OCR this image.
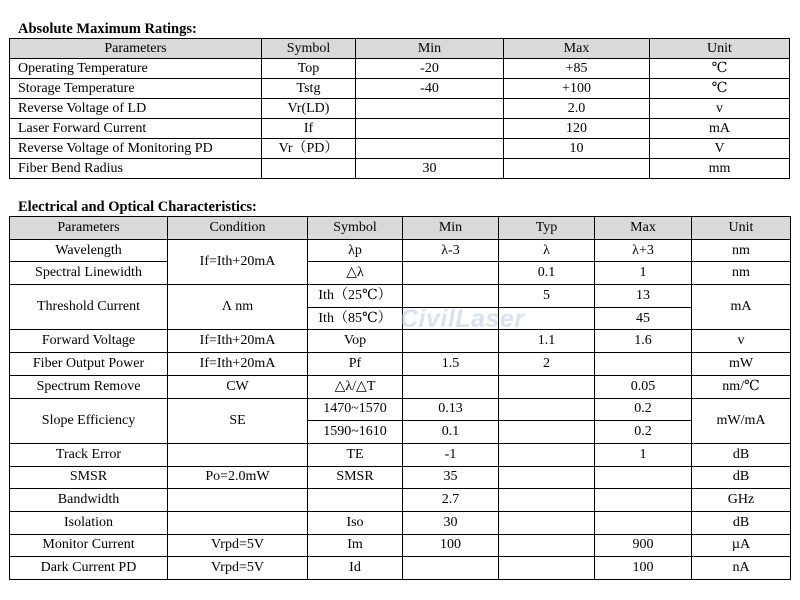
Absolute Maximum Ratings:
Parameters	Symbol	Min	Max	Unit
Operating Temperature	Top	-20	+85	℃
Storage Temperature	Tstg	-40	+100	℃
Reverse Voltage of LD	Vr(LD)		2.0	v
Laser Forward Current	If		120	mA
Reverse Voltage of Monitoring PD	Vr（PD）		10	V
Fiber Bend Radius		30		mm
Electrical and Optical Characteristics:
Parameters	Condition	Symbol	Min	Typ	Max	Unit
Wavelength	If=Ith+20mA	λp	λ-3	λ	λ+3	nm
Spectral Linewidth		△λ		0.1	1	nm
Threshold Current	Λ nm	Ith（25℃）		5	13	mA
		Ith（85℃）			45	
Forward Voltage	If=Ith+20mA	Vop		1.1	1.6	v
Fiber Output Power	If=Ith+20mA	Pf	1.5	2		mW
Spectrum Remove	CW	△λ/△T			0.05	nm/℃
Slope Efficiency	SE	1470~1570	0.13		0.2	mW/mA
		1590~1610	0.1		0.2	
Track Error		TE	-1		1	dB
SMSR	Po=2.0mW	SMSR	35			dB
Bandwidth			2.7			GHz
Isolation		Iso	30			dB
Monitor Current	Vrpd=5V	Im	100		900	µA
Dark Current PD	Vrpd=5V	Id			100	nA
CivilLaser
